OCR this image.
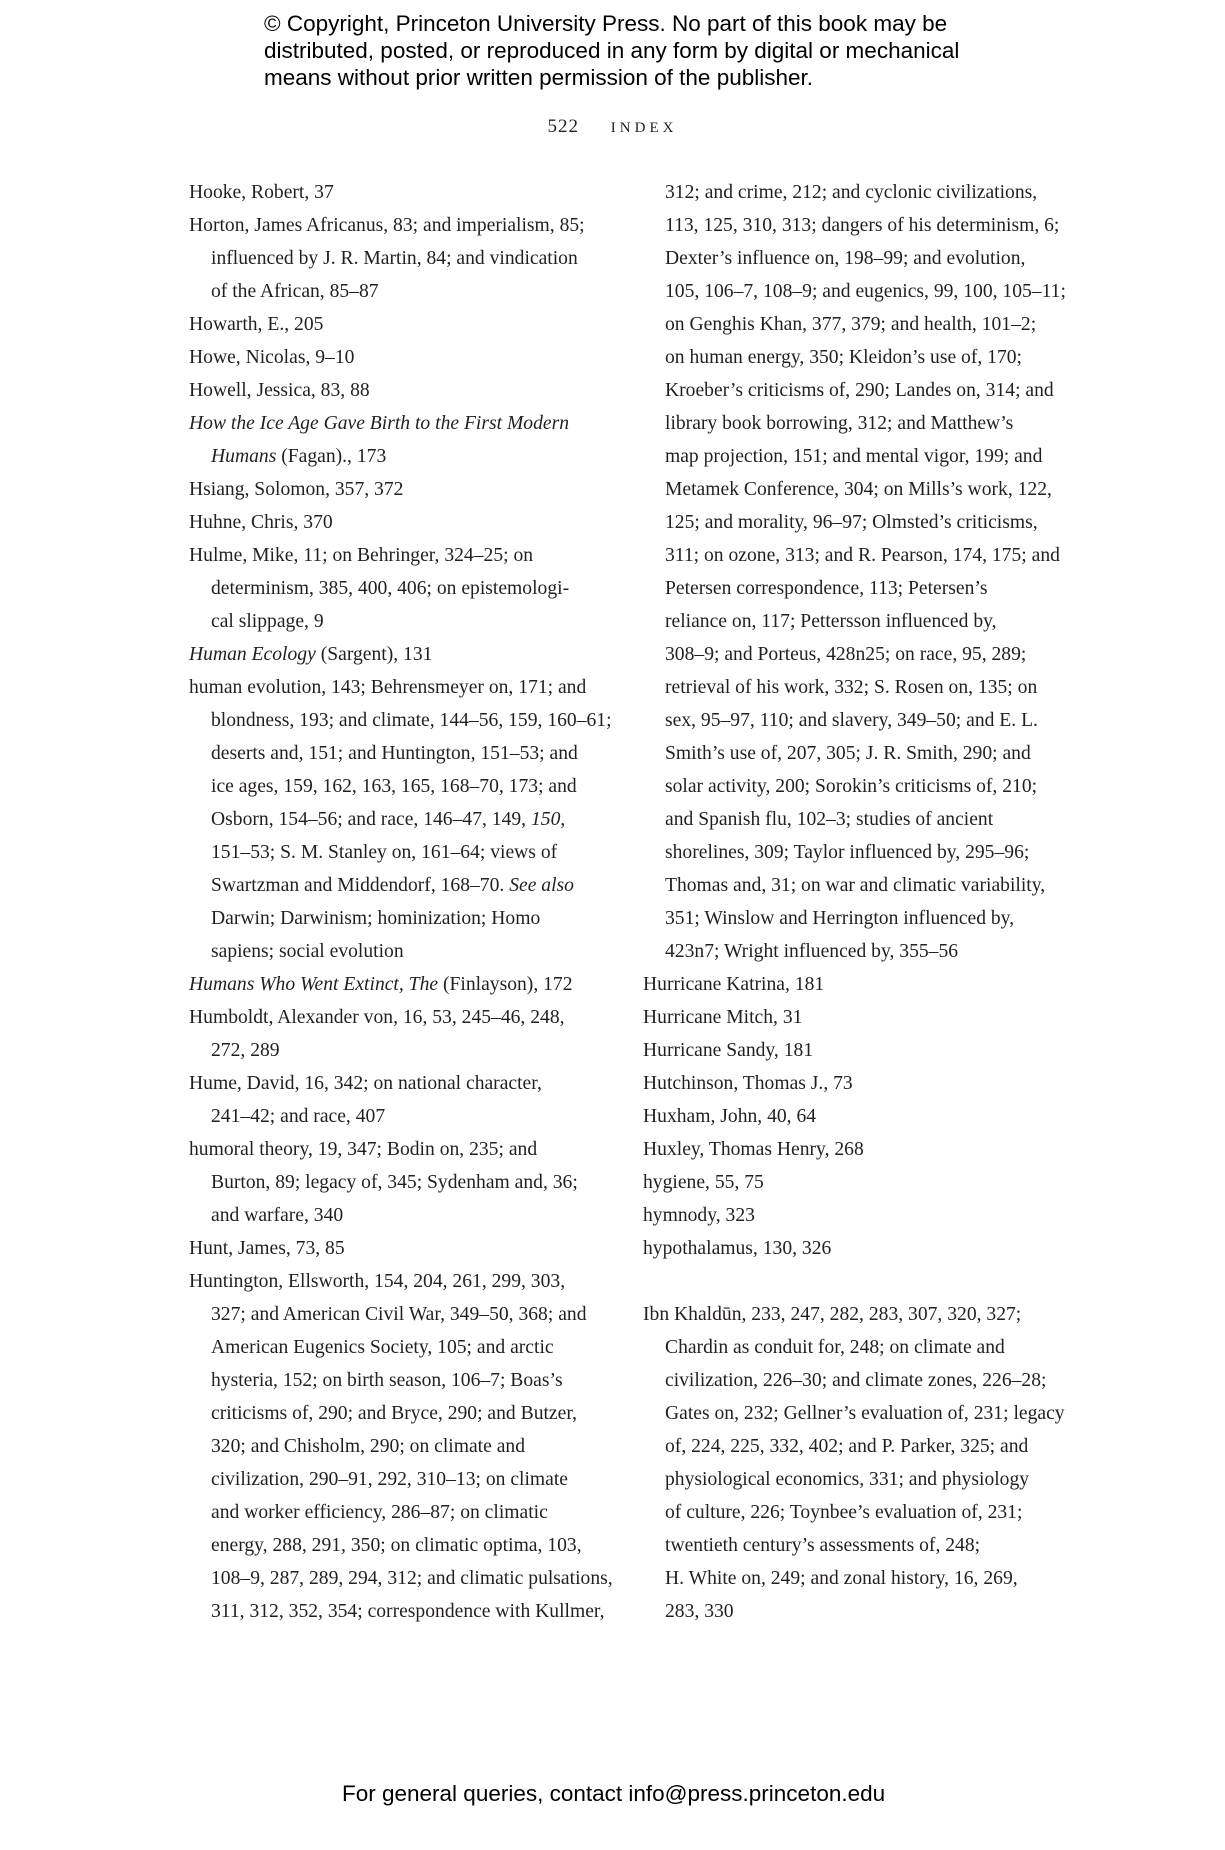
© Copyright, Princeton University Press. No part of this book may be
distributed, posted, or reproduced in any form by digital or mechanical
means without prior written permission of the publisher.
522 index
Hooke, Robert, 37
Horton, James Africanus, 83; and imperialism, 85;
influenced by J. R. Martin, 84; and vindication
of the African, 85–87
Howarth, E., 205
Howe, Nicolas, 9–10
Howell, Jessica, 83, 88
How the Ice Age Gave Birth to the First Modern
Humans (Fagan)., 173
Hsiang, Solomon, 357, 372
Huhne, Chris, 370
Hulme, Mike, 11; on Behringer, 324–25; on
determinism, 385, 400, 406; on epistemologi-
cal slippage, 9
Human Ecology (Sargent), 131
human evolution, 143; Behrensmeyer on, 171; and
blondness, 193; and climate, 144–56, 159, 160–61;
deserts and, 151; and Huntington, 151–53; and
ice ages, 159, 162, 163, 165, 168–70, 173; and
Osborn, 154–56; and race, 146–47, 149, 150,
151–53; S. M. Stanley on, 161–64; views of
Swartzman and Middendorf, 168–70. See also
Darwin; Darwinism; hominization; Homo
sapiens; social evolution
Humans Who Went Extinct, The (Finlayson), 172
Humboldt, Alexander von, 16, 53, 245–46, 248,
272, 289
Hume, David, 16, 342; on national character,
241–42; and race, 407
humoral theory, 19, 347; Bodin on, 235; and
Burton, 89; legacy of, 345; Sydenham and, 36;
and warfare, 340
Hunt, James, 73, 85
Huntington, Ellsworth, 154, 204, 261, 299, 303,
327; and American Civil War, 349–50, 368; and
American Eugenics Society, 105; and arctic
hysteria, 152; on birth season, 106–7; Boas’s
criticisms of, 290; and Bryce, 290; and Butzer,
320; and Chisholm, 290; on climate and
civilization, 290–91, 292, 310–13; on climate
and worker efficiency, 286–87; on climatic
energy, 288, 291, 350; on climatic optima, 103,
108–9, 287, 289, 294, 312; and climatic pulsations,
311, 312, 352, 354; correspondence with Kullmer,
312; and crime, 212; and cyclonic civilizations,
113, 125, 310, 313; dangers of his determinism, 6;
Dexter’s influence on, 198–99; and evolution,
105, 106–7, 108–9; and eugenics, 99, 100, 105–11;
on Genghis Khan, 377, 379; and health, 101–2;
on human energy, 350; Kleidon’s use of, 170;
Kroeber’s criticisms of, 290; Landes on, 314; and
library book borrowing, 312; and Matthew’s
map projection, 151; and mental vigor, 199; and
Metamek Conference, 304; on Mills’s work, 122,
125; and morality, 96–97; Olmsted’s criticisms,
311; on ozone, 313; and R. Pearson, 174, 175; and
Petersen correspondence, 113; Petersen’s
reliance on, 117; Pettersson influenced by,
308–9; and Porteus, 428n25; on race, 95, 289;
retrieval of his work, 332; S. Rosen on, 135; on
sex, 95–97, 110; and slavery, 349–50; and E. L.
Smith’s use of, 207, 305; J. R. Smith, 290; and
solar activity, 200; Sorokin’s criticisms of, 210;
and Spanish flu, 102–3; studies of ancient
shorelines, 309; Taylor influenced by, 295–96;
Thomas and, 31; on war and climatic variability,
351; Winslow and Herrington influenced by,
423n7; Wright influenced by, 355–56
Hurricane Katrina, 181
Hurricane Mitch, 31
Hurricane Sandy, 181
Hutchinson, Thomas J., 73
Huxham, John, 40, 64
Huxley, Thomas Henry, 268
hygiene, 55, 75
hymnody, 323
hypothalamus, 130, 326
Ibn Khaldūn, 233, 247, 282, 283, 307, 320, 327;
Chardin as conduit for, 248; on climate and
civilization, 226–30; and climate zones, 226–28;
Gates on, 232; Gellner’s evaluation of, 231; legacy
of, 224, 225, 332, 402; and P. Parker, 325; and
physiological economics, 331; and physiology
of culture, 226; Toynbee’s evaluation of, 231;
twentieth century’s assessments of, 248;
H. White on, 249; and zonal history, 16, 269,
283, 330
For general queries, contact info@press.princeton.edu
